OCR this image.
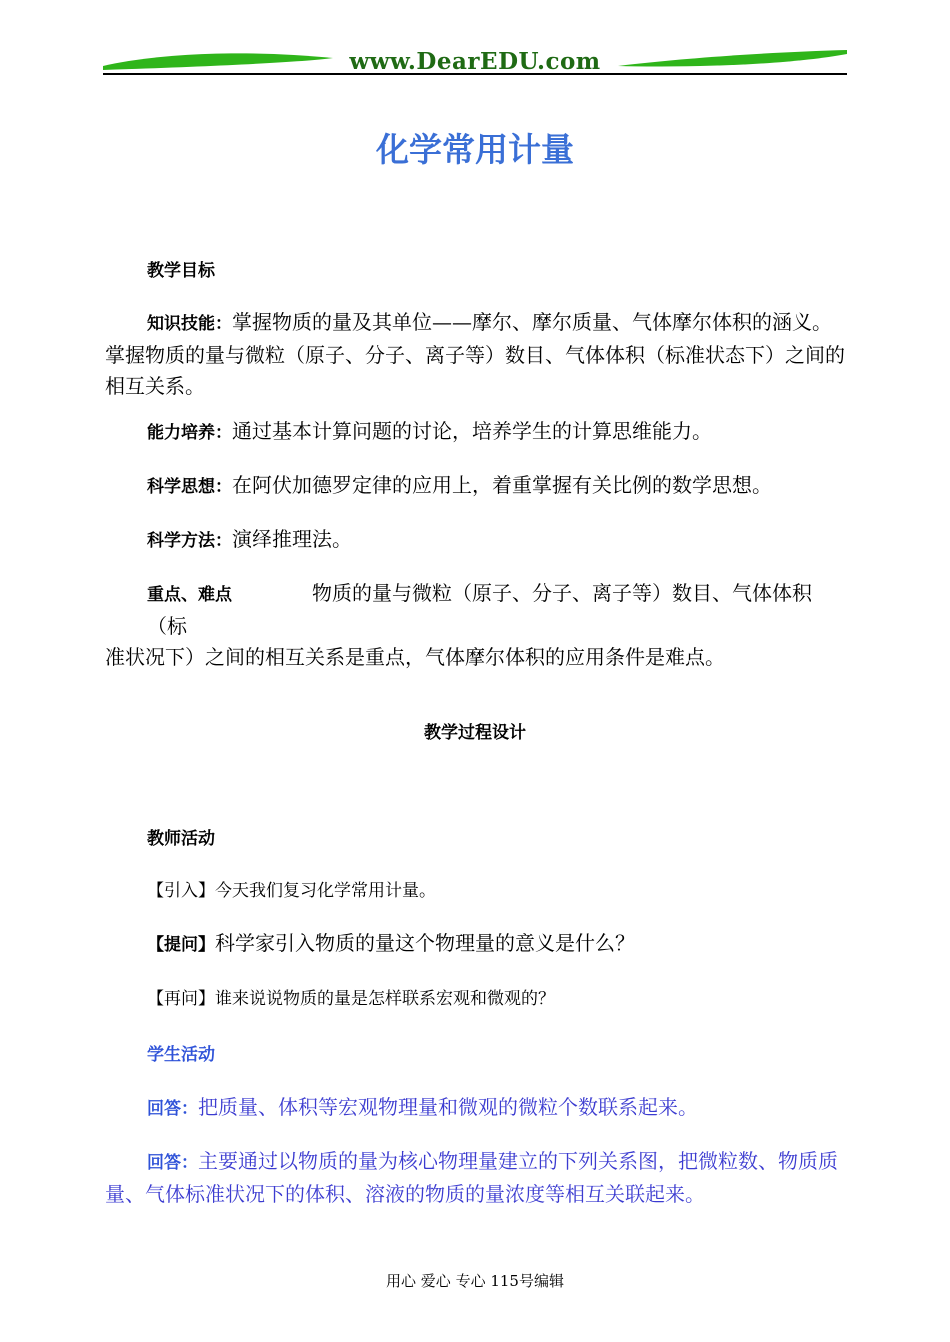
www.DearEDU.com
化学常用计量
教学目标
知识技能：掌握物质的量及其单位——摩尔、摩尔质量、气体摩尔体积的涵义。掌握物质的量与微粒（原子、分子、离子等）数目、气体体积（标准状态下）之间的相互关系。
能力培养：通过基本计算问题的讨论，培养学生的计算思维能力。
科学思想：在阿伏加德罗定律的应用上，着重掌握有关比例的数学思想。
科学方法：演绎推理法。
重点、难点	物质的量与微粒（原子、分子、离子等）数目、气体体积（标
准状况下）之间的相互关系是重点，气体摩尔体积的应用条件是难点。
教学过程设计
教师活动
【引入】今天我们复习化学常用计量。
【提问】科学家引入物质的量这个物理量的意义是什么？
【再问】谁来说说物质的量是怎样联系宏观和微观的？
学生活动
回答：把质量、体积等宏观物理量和微观的微粒个数联系起来。
回答：主要通过以物质的量为核心物理量建立的下列关系图，把微粒数、物质质量、气体标准状况下的体积、溶液的物质的量浓度等相互关联起来。
用心 爱心 专心 115号编辑
